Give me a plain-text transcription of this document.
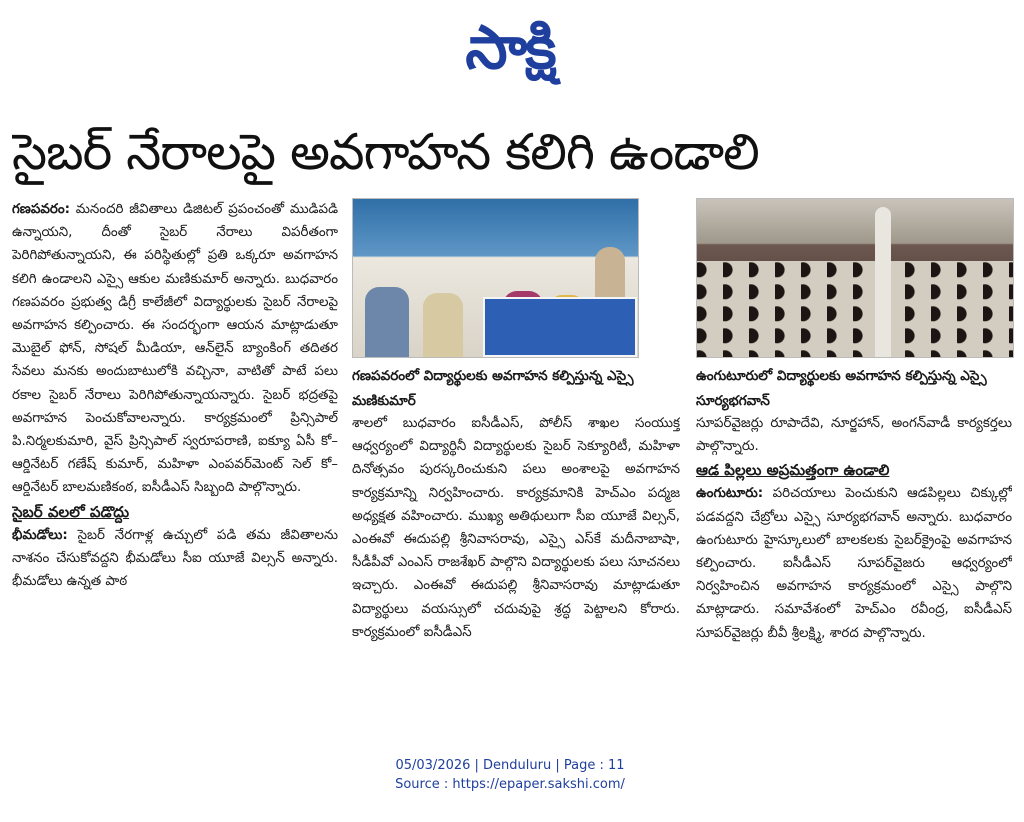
సాక్షి
సైబర్ నేరాలపై అవగాహన కలిగి ఉండాలి

గణపవరం: మనందరి జీవితాలు డిజిటల్ ప్రపంచంతో ముడిపడి ఉన్నాయని, దీంతో సైబర్ నేరాలు విపరీతంగా పెరిగిపోతున్నాయని, ఈ పరిస్థితుల్లో ప్రతి ఒక్కరూ అవగాహన కలిగి ఉండాలని ఎస్సై ఆకుల మణికుమార్ అన్నారు. బుధవారం గణపవరం ప్రభుత్వ డిగ్రీ కాలేజీలో విద్యార్థులకు సైబర్ నేరాలపై అవగాహన కల్పించారు. ఈ సందర్భంగా ఆయన మాట్లాడుతూ మొబైల్ ఫోన్, సోషల్ మీడియా, ఆన్‌లైన్ బ్యాంకింగ్ తదితర సేవలు మనకు అందుబాటులోకి వచ్చినా, వాటితో పాటే పలు రకాల సైబర్ నేరాలు పెరిగిపోతున్నాయన్నారు. సైబర్ భద్రతపై అవగాహన పెంచుకోవాలన్నారు. కార్యక్రమంలో ప్రిన్సిపాల్ పి.నిర్మలకుమారి, వైస్ ప్రిన్సిపాల్ స్వరూపరాణి, ఐక్యూ ఏసీ కో–ఆర్డినేటర్ గణేష్ కుమార్, మహిళా ఎంపవర్‌మెంట్ సెల్ కో–ఆర్డినేటర్ బాలమణికంఠ, ఐసీడీఎస్ సిబ్బంది పాల్గొన్నారు.

సైబర్ వలలో పడొద్దు

భీమడోలు: సైబర్ నేరగాళ్ల ఉచ్చులో పడి తమ జీవితాలను నాశనం చేసుకోవద్దని భీమడోలు సీఐ యూజే విల్సన్ అన్నారు. భీమడోలు ఉన్నత పాఠ

గణపవరంలో విద్యార్థులకు అవగాహన కల్పిస్తున్న ఎస్సై మణికుమార్

శాలలో బుధవారం ఐసీడీఎస్, పోలీస్ శాఖల సంయుక్త ఆధ్వర్యంలో విద్యార్థినీ విద్యార్థులకు సైబర్ సెక్యూరిటీ, మహిళా దినోత్సవం పురస్కరించుకుని పలు అంశాలపై అవగాహన కార్యక్రమాన్ని నిర్వహించారు. కార్యక్రమానికి హెచ్‌ఎం పద్మజ అధ్యక్షత వహించారు. ముఖ్య అతిథులుగా సీఐ యూజే విల్సన్, ఎంఈవో ఈదుపల్లి శ్రీనివాసరావు, ఎస్సై ఎస్‌కే మదీనాబాషా, సీడీపీవో ఎంఎస్ రాజశేఖర్ పాల్గొని విద్యార్థులకు పలు సూచనలు ఇచ్చారు. ఎంఈవో ఈదుపల్లి శ్రీనివాసరావు మాట్లాడుతూ విద్యార్థులు వయస్సులో చదువుపై శ్రద్ధ పెట్టాలని కోరారు. కార్యక్రమంలో ఐసీడీఎస్

ఉంగుటూరులో విద్యార్థులకు అవగాహన కల్పిస్తున్న ఎస్సై సూర్యభగవాన్

సూపర్‌వైజర్లు రూపాదేవి, నూర్జహాన్, అంగన్‌వాడీ కార్యకర్తలు పాల్గొన్నారు.

ఆడ పిల్లలు అప్రమత్తంగా ఉండాలి

ఉంగుటూరు: పరిచయాలు పెంచుకుని ఆడపిల్లలు చిక్కుల్లో పడవద్దని చేబ్రోలు ఎస్సై సూర్యభగవాన్ అన్నారు. బుధవారం ఉంగుటూరు హైస్కూలులో బాలకలకు సైబర్‌క్రైంపై అవగాహన కల్పించారు. ఐసీడీఎస్ సూపర్‌వైజరు ఆధ్వర్యంలో నిర్వహించిన అవగాహన కార్యక్రమంలో ఎస్సై పాల్గొని మాట్లాడారు. సమావేశంలో హెచ్‌ఎం రవీంద్ర, ఐసీడీఎస్ సూపర్‌వైజర్లు బీవీ శ్రీలక్ష్మి, శారద పాల్గొన్నారు.

05/03/2026 | Denduluru | Page : 11
Source : https://epaper.sakshi.com/
